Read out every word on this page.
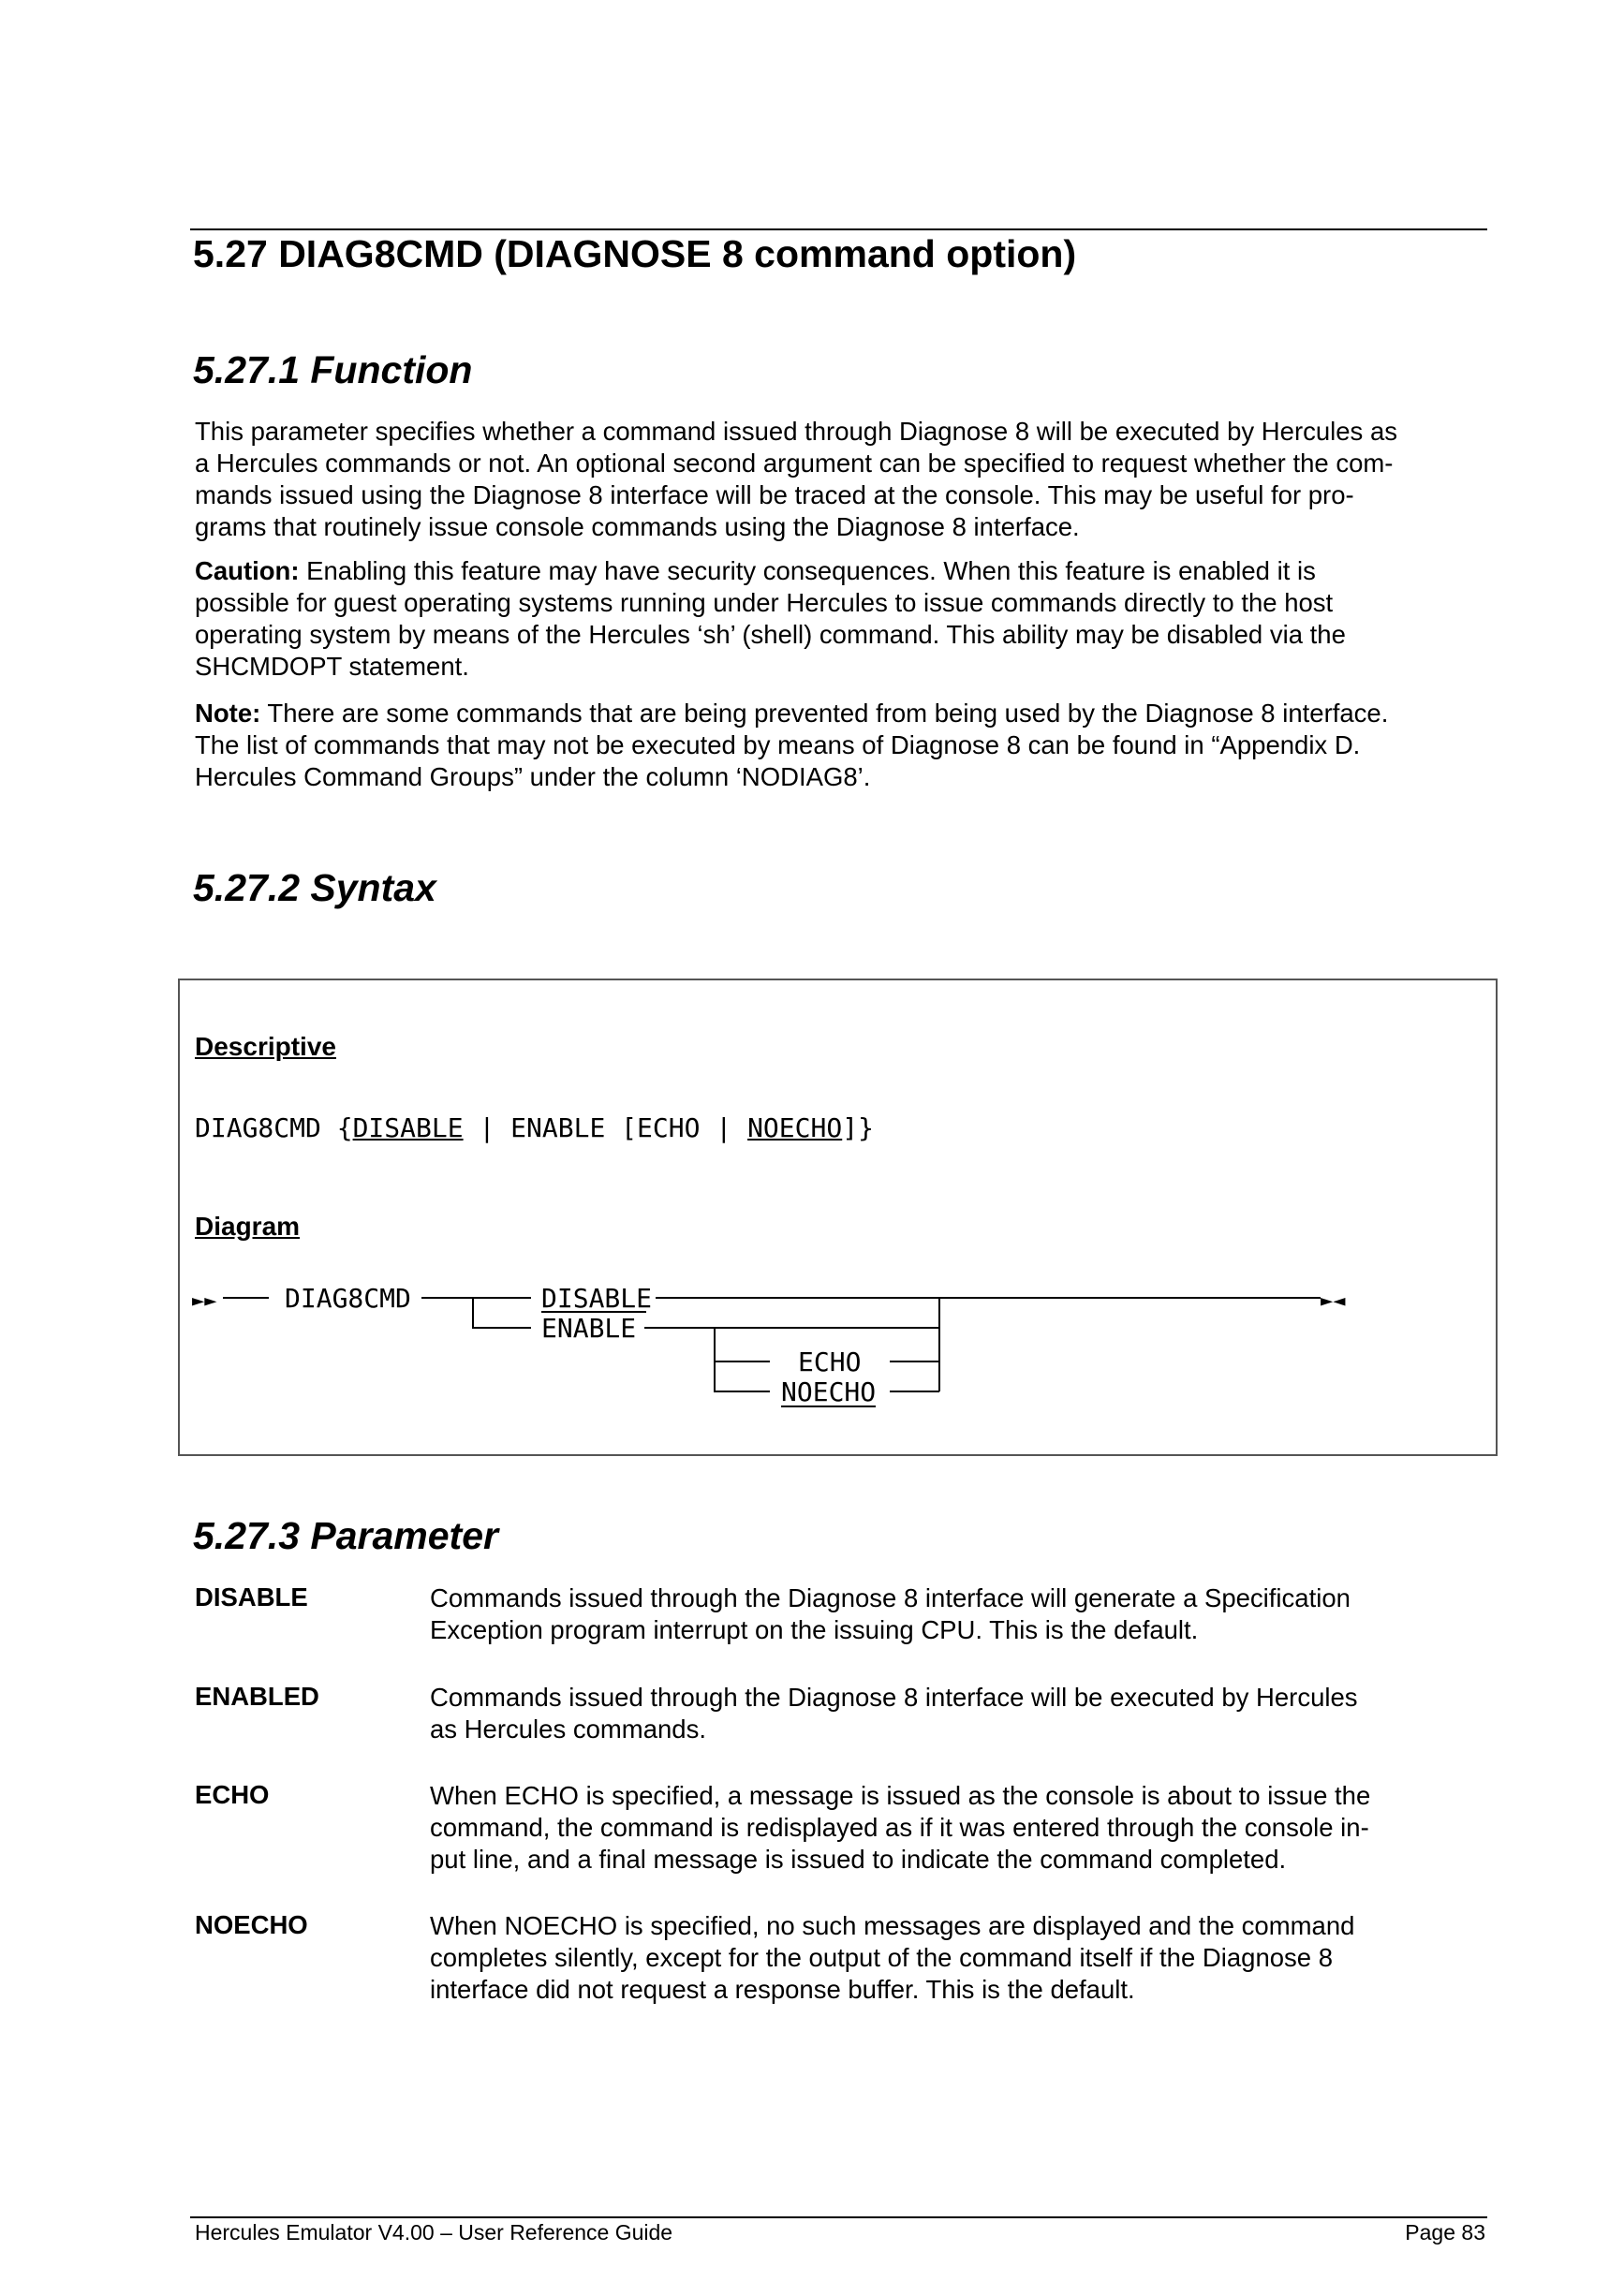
5.27 DIAG8CMD (DIAGNOSE 8 command option)
5.27.1 Function

This parameter specifies whether a command issued through Diagnose 8 will be executed by Hercules as
a Hercules commands or not. An optional second argument can be specified to request whether the com-
mands issued using the Diagnose 8 interface will be traced at the console. This may be useful for pro-
grams that routinely issue console commands using the Diagnose 8 interface.

Caution: Enabling this feature may have security consequences. When this feature is enabled it is
possible for guest operating systems running under Hercules to issue commands directly to the host
operating system by means of the Hercules ‘sh’ (shell) command. This ability may be disabled via the
SHCMDOPT statement.

Note: There are some commands that are being prevented from being used by the Diagnose 8 interface.
The list of commands that may not be executed by means of Diagnose 8 can be found in “Appendix D.
Hercules Command Groups” under the column ‘NODIAG8’.

5.27.2 Syntax
Descriptive
DIAG8CMD {DISABLE | ENABLE [ECHO | NOECHO]}
Diagram
►►	►◄
DIAG8CMD	DISABLE
ENABLE
ECHO
NOECHO
5.27.3 Parameter
DISABLE	Commands issued through the Diagnose 8 interface will generate a Specification
Exception program interrupt on the issuing CPU. This is the default.

ENABLED	Commands issued through the Diagnose 8 interface will be executed by Hercules
as Hercules commands.

ECHO	When ECHO is specified, a message is issued as the console is about to issue the
command, the command is redisplayed as if it was entered through the console in-
put line, and a final message is issued to indicate the command completed.

NOECHO	When NOECHO is specified, no such messages are displayed and the command
completes silently, except for the output of the command itself if the Diagnose 8
interface did not request a response buffer. This is the default.

Hercules Emulator V4.00 – User Reference Guide	Page 83
